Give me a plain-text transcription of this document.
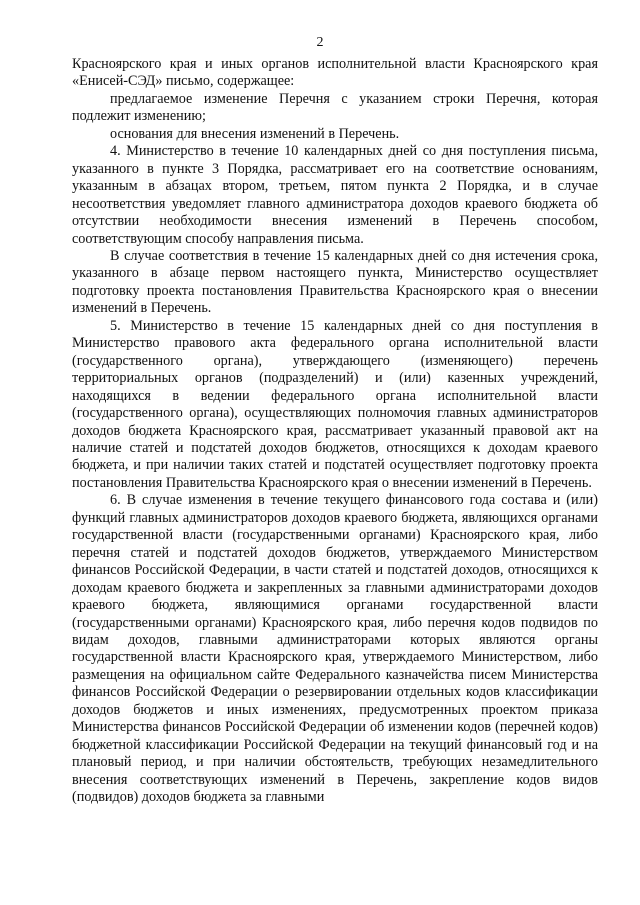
2

Красноярского края и иных органов исполнительной власти Красноярского края «Енисей-СЭД» письмо, содержащее:

предлагаемое изменение Перечня с указанием строки Перечня, которая подлежит изменению;

основания для внесения изменений в Перечень.

4. Министерство в течение 10 календарных дней со дня поступления письма, указанного в пункте 3 Порядка, рассматривает его на соответствие основаниям, указанным в абзацах втором, третьем, пятом пункта 2 Порядка, и в случае несоответствия уведомляет главного администратора доходов краевого бюджета об отсутствии необходимости внесения изменений в Перечень способом, соответствующим способу направления письма.

В случае соответствия в течение 15 календарных дней со дня истечения срока, указанного в абзаце первом настоящего пункта, Министерство осуществляет подготовку проекта постановления Правительства Красноярского края о внесении изменений в Перечень.

5. Министерство в течение 15 календарных дней со дня поступления в Министерство правового акта федерального органа исполнительной власти (государственного органа), утверждающего (изменяющего) перечень территориальных органов (подразделений) и (или) казенных учреждений, находящихся в ведении федерального органа исполнительной власти (государственного органа), осуществляющих полномочия главных администраторов доходов бюджета Красноярского края, рассматривает указанный правовой акт на наличие статей и подстатей доходов бюджетов, относящихся к доходам краевого бюджета, и при наличии таких статей и подстатей осуществляет подготовку проекта постановления Правительства Красноярского края о внесении изменений в Перечень.

6. В случае изменения в течение текущего финансового года состава и (или) функций главных администраторов доходов краевого бюджета, являющихся органами государственной власти (государственными органами) Красноярского края, либо перечня статей и подстатей доходов бюджетов, утверждаемого Министерством финансов Российской Федерации, в части статей и подстатей доходов, относящихся к доходам краевого бюджета и закрепленных за главными администраторами доходов краевого бюджета, являющимися органами государственной власти (государственными органами) Красноярского края, либо перечня кодов подвидов по видам доходов, главными администраторами которых являются органы государственной власти Красноярского края, утверждаемого Министерством, либо размещения на официальном сайте Федерального казначейства писем Министерства финансов Российской Федерации о резервировании отдельных кодов классификации доходов бюджетов и иных изменениях, предусмотренных проектом приказа Министерства финансов Российской Федерации об изменении кодов (перечней кодов) бюджетной классификации Российской Федерации на текущий финансовый год и на плановый период, и при наличии обстоятельств, требующих незамедлительного внесения соответствующих изменений в Перечень, закрепление кодов видов (подвидов) доходов бюджета за главными
